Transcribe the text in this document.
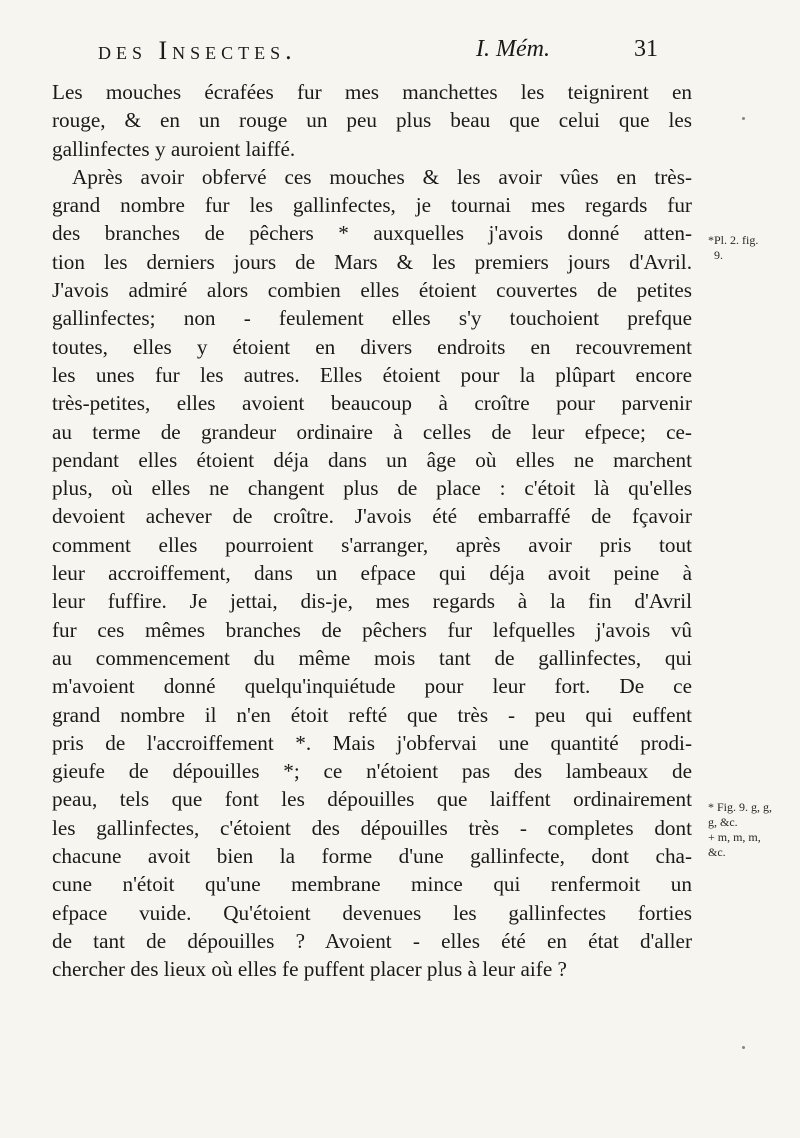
des Insectes.	I. Mém.	31
Les mouches écrafées fur mes manchettes les teignirent en
rouge, & en un rouge un peu plus beau que celui que les
gallinfectes y auroient laiffé.
Après avoir obfervé ces mouches & les avoir vûes en très-
grand nombre fur les gallinfectes, je tournai mes regards fur
des branches de pêchers * auxquelles j'avois donné atten-
tion les derniers jours de Mars & les premiers jours d'Avril.
J'avois admiré alors combien elles étoient couvertes de petites
gallinfectes; non - feulement elles s'y touchoient prefque
toutes, elles y étoient en divers endroits en recouvrement
les unes fur les autres. Elles étoient pour la plûpart encore
très-petites, elles avoient beaucoup à croître pour parvenir
au terme de grandeur ordinaire à celles de leur efpece; ce-
pendant elles étoient déja dans un âge où elles ne marchent
plus, où elles ne changent plus de place : c'étoit là qu'elles
devoient achever de croître. J'avois été embarraffé de fçavoir
comment elles pourroient s'arranger, après avoir pris tout
leur accroiffement, dans un efpace qui déja avoit peine à
leur fuffire. Je jettai, dis-je, mes regards à la fin d'Avril
fur ces mêmes branches de pêchers fur lefquelles j'avois vû
au commencement du même mois tant de gallinfectes, qui
m'avoient donné quelqu'inquiétude pour leur fort. De ce
grand nombre il n'en étoit refté que très - peu qui euffent
pris de l'accroiffement *. Mais j'obfervai une quantité prodi-
gieufe de dépouilles *; ce n'étoient pas des lambeaux de
peau, tels que font les dépouilles que laiffent ordinairement
les gallinfectes, c'étoient des dépouilles très - completes dont
chacune avoit bien la forme d'une gallinfecte, dont cha-
cune n'étoit qu'une membrane mince qui renfermoit un
efpace vuide. Qu'étoient devenues les gallinfectes forties
de tant de dépouilles ? Avoient - elles été en état d'aller
chercher des lieux où elles fe puffent placer plus à leur aife ?
*Pl. 2. fig.
9.
* Fig. 9. g, g,
g, &c.
+ m, m, m,
&c.
